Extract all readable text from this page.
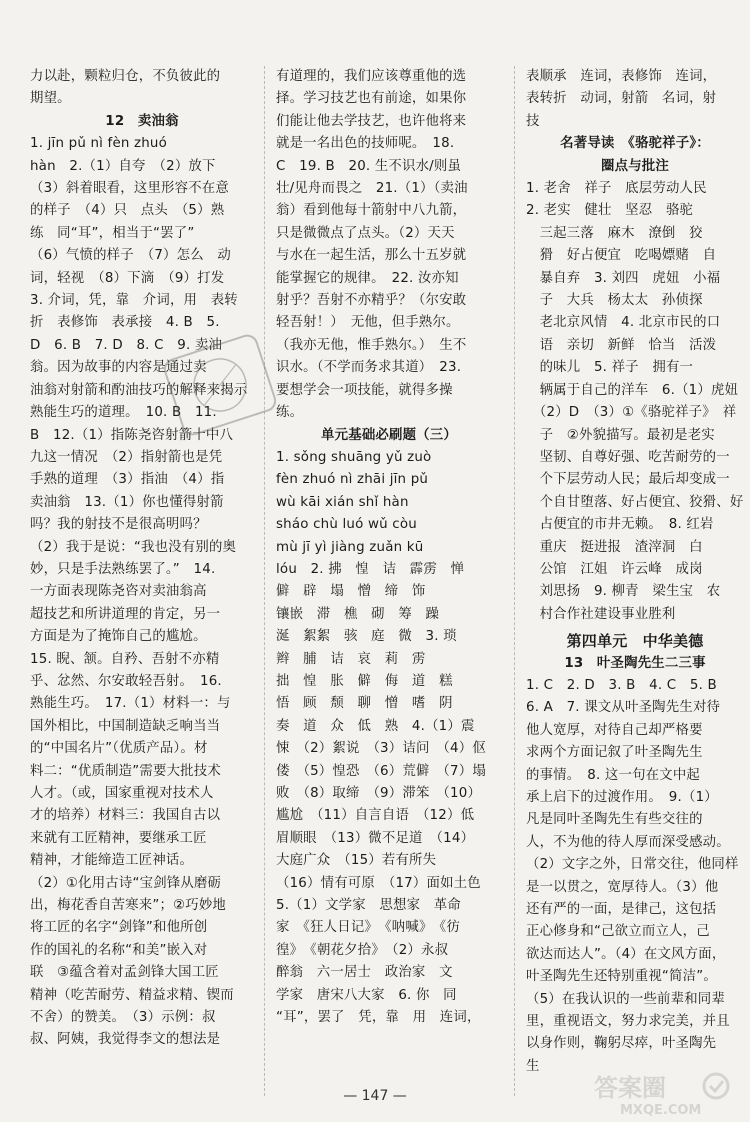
力以赴，颗粒归仓，不负彼此的
期望。
12　卖油翁
1. jīn pǔ nì fèn zhuó
hàn　2.（1）自夸　（2）放下
（3）斜着眼看，这里形容不在意
的样子　（4）只　点头　（5）熟
练　同“耳”，相当于“罢了”
（6）气愤的样子　（7）怎么　动
词，轻视　（8）下滴　（9）打发
3. 介词，凭，靠　介词，用　表转
折　表修饰　表承接　4. B　5.
D　6. B　7. D　8. C　9. 卖油
翁。因为故事的内容是通过卖
油翁对射箭和酌油技巧的解释来揭示
熟能生巧的道理。　10. B　11.
B　12.（1）指陈尧咨射箭十中八
九这一情况　（2）指射箭也是凭
手熟的道理　（3）指油　（4）指
卖油翁　13.（1）你也懂得射箭
吗？我的射技不是很高明吗？
（2）我于是说：“我也没有别的奥
妙，只是手法熟练罢了。”　14.
一方面表现陈尧咨对卖油翁高
超技艺和所讲道理的肯定，另一
方面是为了掩饰自己的尴尬。
15. 睨、颔。自矜、吾射不亦精
乎、忿然、尔安敢轻吾射。　16.
熟能生巧。　17.（1）材料一：与
国外相比，中国制造缺乏响当当
的“中国名片”（优质产品）。材
料二：“优质制造”需要大批技术
人才。（或，国家重视对技术人
才的培养）材料三：我国自古以
来就有工匠精神，要继承工匠
精神，才能缔造工匠神话。
（2）①化用古诗“宝剑锋从磨砺
出，梅花香自苦寒来”；②巧妙地
将工匠的名字“剑锋”和他所创
作的国礼的名称“和美”嵌入对
联　③蕴含着对孟剑锋大国工匠
精神（吃苦耐劳、精益求精、锲而
不舍）的赞美。　（3）示例：叔
叔、阿姨，我觉得李文的想法是
有道理的，我们应该尊重他的选
择。学习技艺也有前途，如果你
们能让他去学技艺，也许他将来
就是一名出色的技师呢。　18.
C　19. B　20. 生不识水/则虽
壮/见舟而畏之　21.（1）（卖油
翁）看到他每十箭射中八九箭，
只是微微点了点头。（2）天天
与水在一起生活，那么十五岁就
能掌握它的规律。　22. 汝亦知
射乎？吾射不亦精乎？（尔安敢
轻吾射！）　无他，但手熟尔。
（我亦无他，惟手熟尔。）　生不
识水。（不学而务求其道）　23.
要想学会一项技能，就得多操
练。
单元基础必刷题（三）
1. sǒng shuāng yǔ zuò
fèn zhuó nì zhāi jīn pǔ
wù kāi xián shǐ hàn
sháo chù luó wǔ còu
mù jī yì jiàng zuǎn kū
lóu　2. 拂　惶　诘　霹雳　惮
僻　辟　塌　憎　缔　饰
镶嵌　滞　樵　砌　筹　躁
涎　絮絮　骇　庭　微　3. 琐
辫　脯　诘　哀　莉　雳
拙　惶　胀　僻　侮　道　糕
悟　顾　颓　聊　憎　嗜　阴
奏　道　众　低　熟　4.（1）震
悚　（2）絮说　（3）诘问　（4）伛
偻　（5）惶恐　（6）荒僻　（7）塌
败　（8）取缔　（9）滞笨　（10）
尴尬　（11）自言自语　（12）低
眉顺眼　（13）微不足道　（14）
大庭广众　（15）若有所失
（16）情有可原　（17）面如土色
5.（1）文学家　思想家　革命
家　《狂人日记》　《呐喊》　《彷
徨》　《朝花夕拾》　（2）永叔
醉翁　六一居士　政治家　文
学家　唐宋八大家　6. 你　同
“耳”，罢了　凭，靠　用　连词，
表顺承　连词，表修饰　连词，
表转折　动词，射箭　名词，射
技
名著导读　《骆驼祥子》：
圈点与批注
1. 老舍　祥子　底层劳动人民
2. 老实　健壮　坚忍　骆驼
　三起三落　麻木　潦倒　狡
　猾　好占便宜　吃喝嫖赌　自
　暴自弃　3. 刘四　虎妞　小福
　子　大兵　杨太太　孙侦探
　老北京风情　4. 北京市民的口
　语　亲切　新鲜　恰当　活泼
　的味儿　5. 祥子　拥有一
　辆属于自己的洋车　6.（1）虎妞
　（2）D　（3）①《骆驼祥子》　祥
　子　②外貌描写。最初是老实
　坚韧、自尊好强、吃苦耐劳的一
　个下层劳动人民；最后却变成一
　个自甘堕落、好占便宜、狡猾、好
　占便宜的市井无赖。　8. 红岩
　重庆　挺进报　渣滓洞　白
　公馆　江姐　许云峰　成岗
　刘思扬　9. 柳青　梁生宝　农
　村合作社建设事业胜利
第四单元　中华美德
13　叶圣陶先生二三事
1. C　2. D　3. B　4. C　5. B
6. A　7. 课文从叶圣陶先生对待
他人宽厚，对待自己却严格要
求两个方面记叙了叶圣陶先生
的事情。　8. 这一句在文中起
承上启下的过渡作用。　9.（1）
凡是同叶圣陶先生有些交往的
人，不为他的待人厚而深受感动。
（2）文字之外，日常交往，他同样
是一以贯之，宽厚待人。（3）他
还有严的一面，是律己，这包括
正心修身和“己欲立而立人，己
欲达而达人”。（4）在文风方面，
叶圣陶先生还特别重视“简洁”。
（5）在我认识的一些前辈和同辈
里，重视语文，努力求完美，并且
以身作则，鞠躬尽瘁，叶圣陶先
生
答案圈
MXQE.COM
— 147 —
